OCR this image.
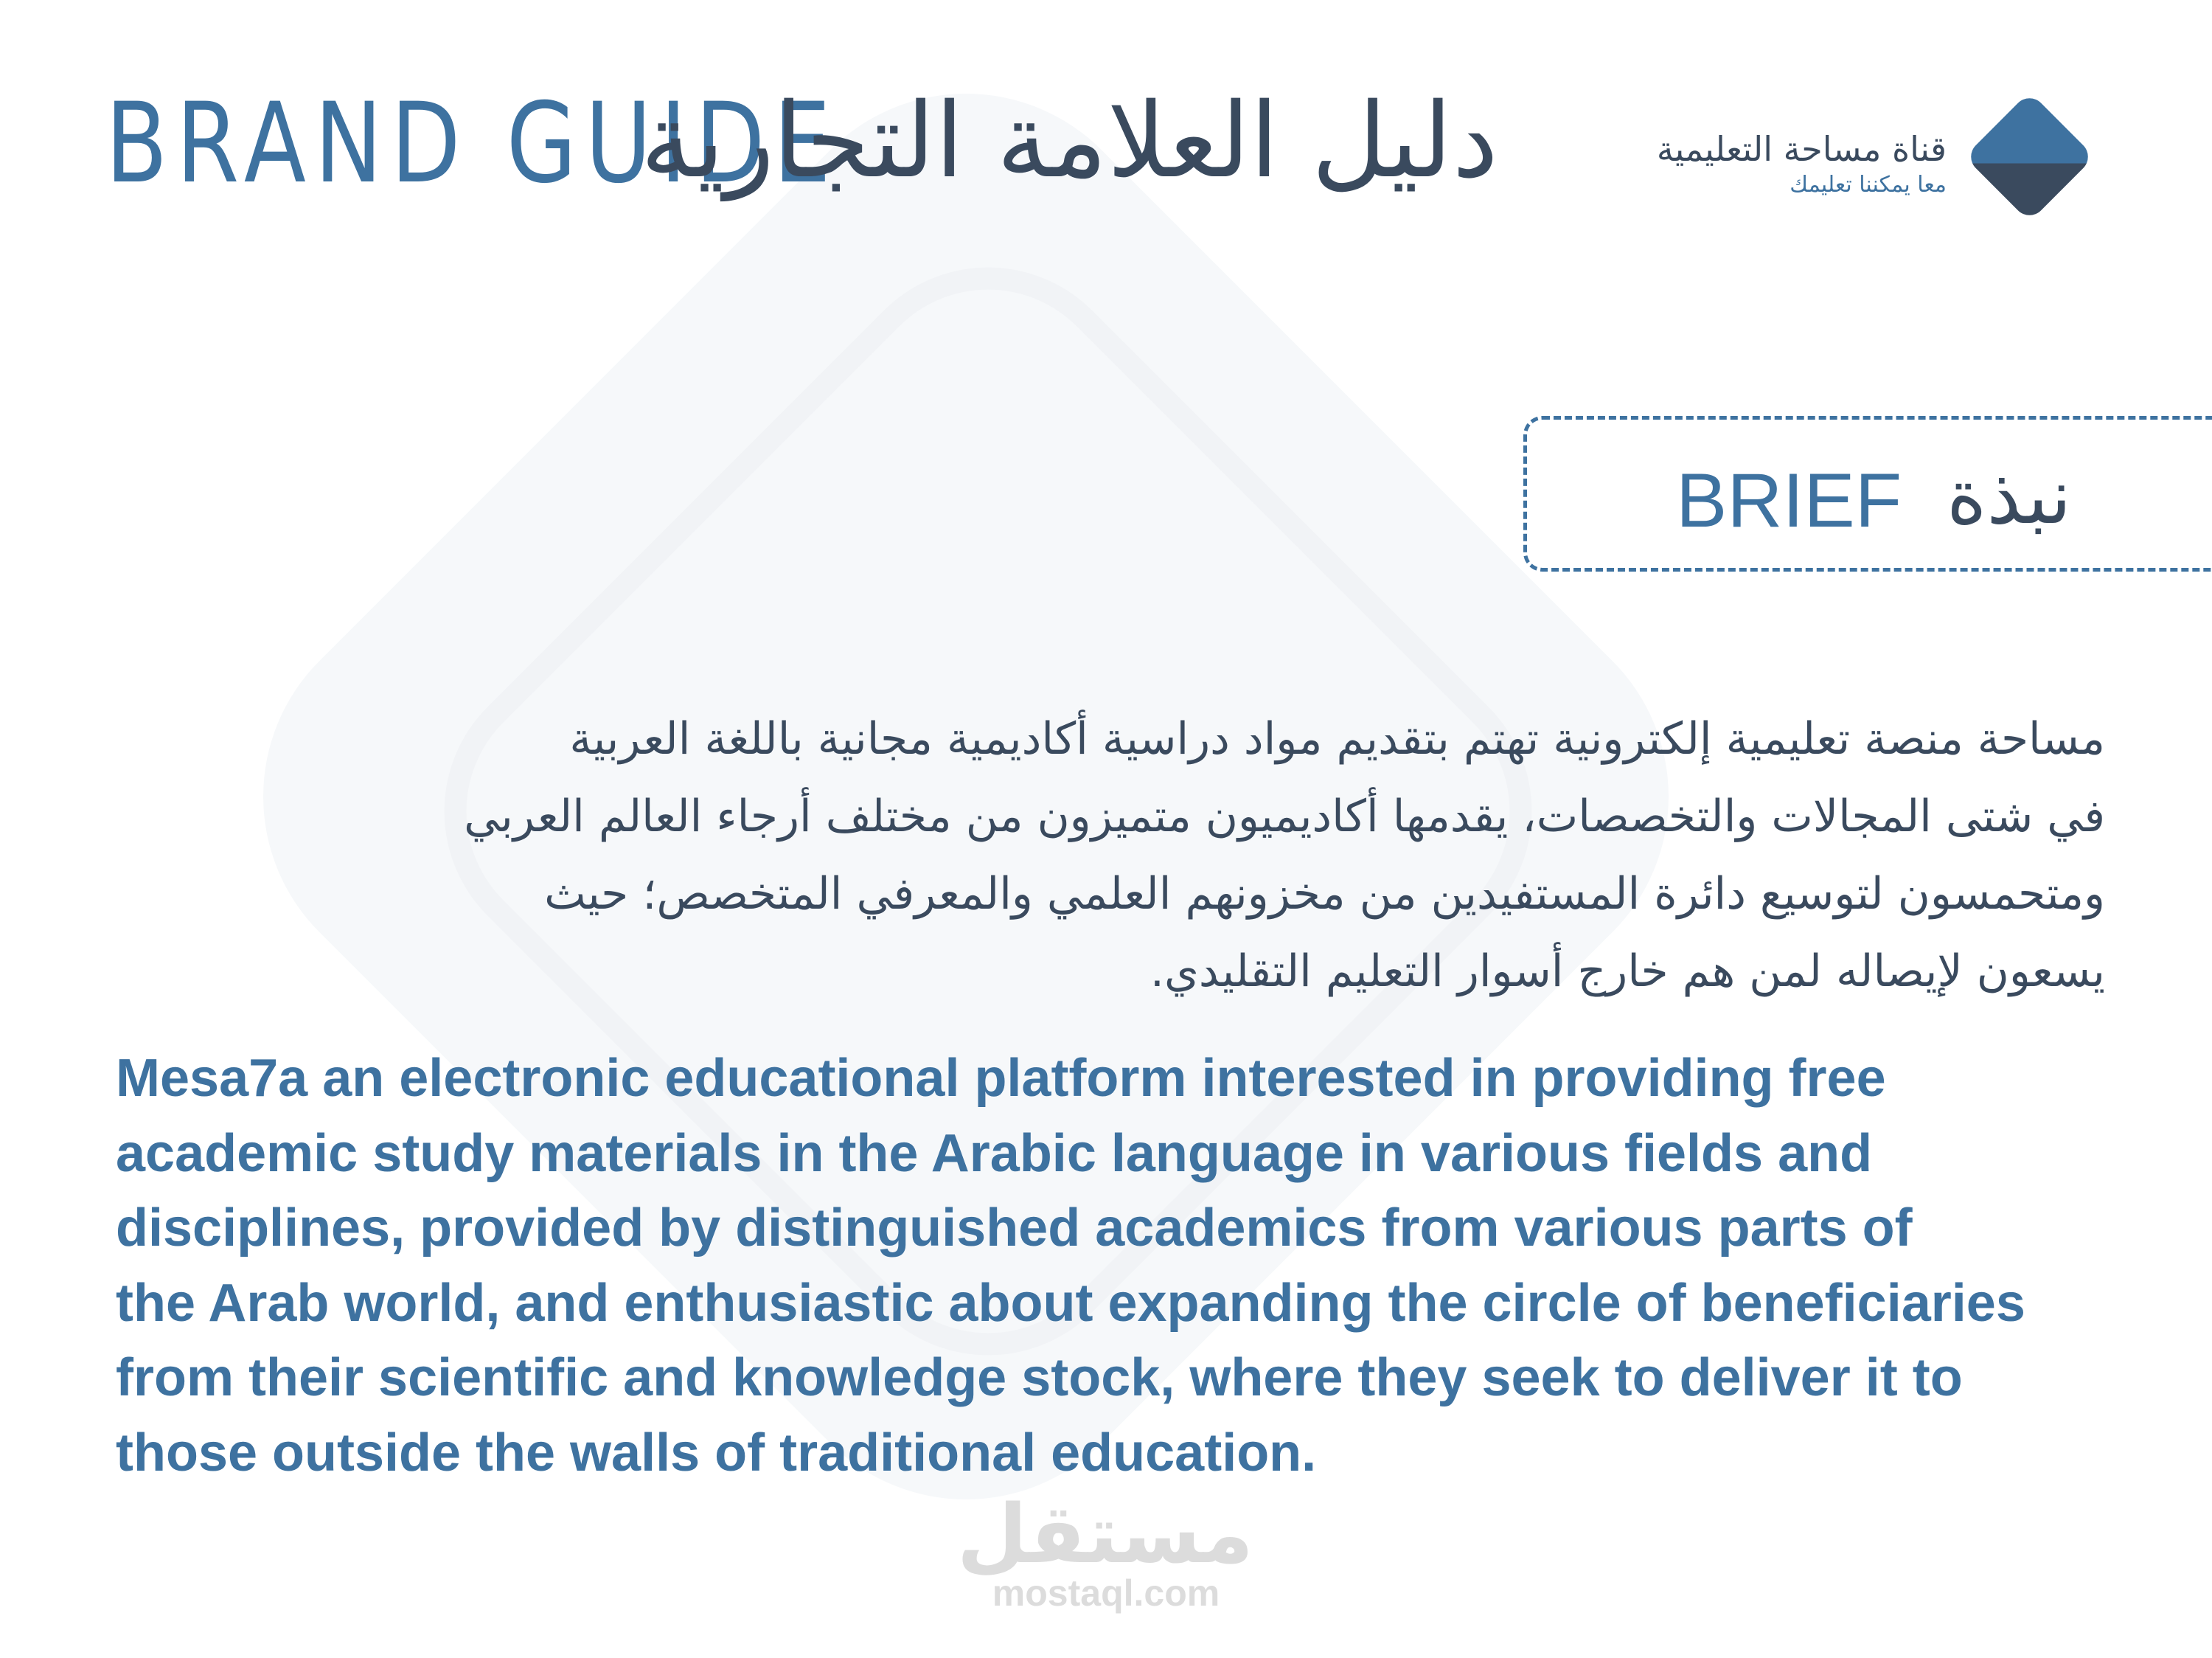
BRAND GUIDE
دليل العلامة التجارية	قناة مساحة التعليمية
معا يمكننا تعليمك
BRIEF نبذة
مساحة منصة تعليمية إلكترونية تهتم بتقديم مواد دراسية أكاديمية مجانية باللغة العربية
في شتى المجالات والتخصصات، يقدمها أكاديميون متميزون من مختلف أرجاء العالم العربي
ومتحمسون لتوسيع دائرة المستفيدين من مخزونهم العلمي والمعرفي المتخصص؛ حيث
يسعون لإيصاله لمن هم خارج أسوار التعليم التقليدي.
Mesa7a an electronic educational platform interested in providing free
academic study materials in the Arabic language in various fields and
disciplines, provided by distinguished academics from various parts of
the Arab world, and enthusiastic about expanding the circle of beneficiaries
from their scientific and knowledge stock, where they seek to deliver it to
those outside the walls of traditional education.
مستقل
mostaql.com
